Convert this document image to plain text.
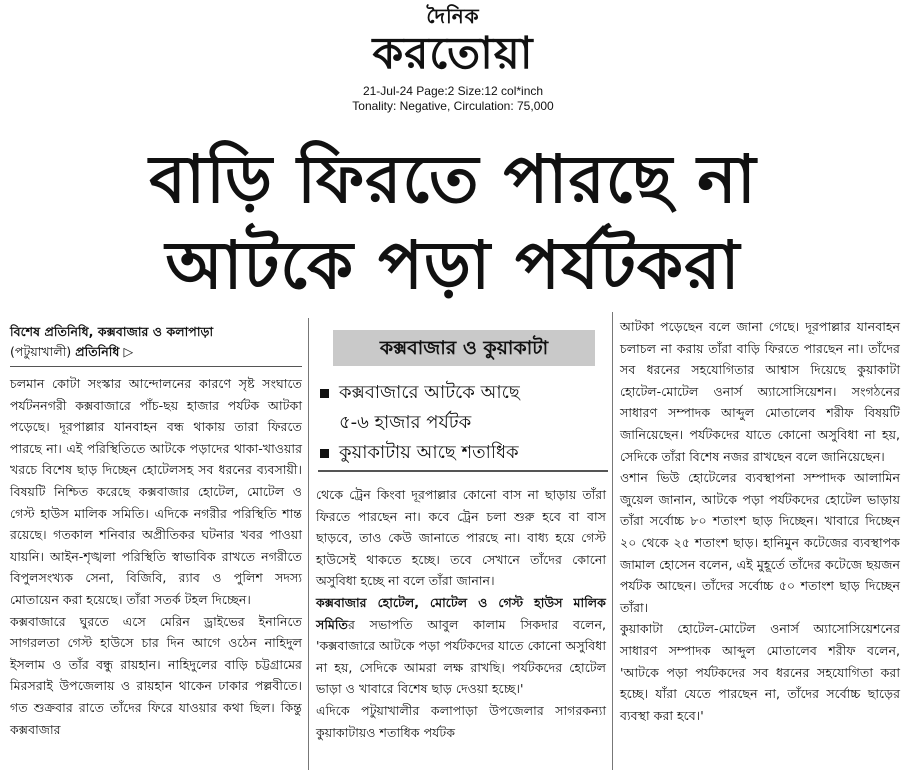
দৈনিক
করতোয়া
21-Jul-24 Page:2 Size:12 col*inch
Tonality: Negative, Circulation: 75,000
বাড়ি ফিরতে পারছে না
আটকে পড়া পর্যটকরা
বিশেষ প্রতিনিধি, কক্সবাজার ও কলাপাড়া
(পটুয়াখালী) প্রতিনিধি ▷

চলমান কোটা সংস্কার আন্দোলনের কারণে সৃষ্ট সংঘাতে পর্যটননগরী কক্সবাজারে পাঁচ-ছয় হাজার পর্যটক আটকা পড়েছে। দূরপাল্লার যানবাহন বন্ধ থাকায় তারা ফিরতে পারছে না। এই পরিস্থিতিতে আটকে পড়াদের থাকা-খাওয়ার খরচে বিশেষ ছাড় দিচ্ছেন হোটেলসহ সব ধরনের ব্যবসায়ী। বিষয়টি নিশ্চিত করেছে কক্সবাজার হোটেল, মোটেল ও গেস্ট হাউস মালিক সমিতি। এদিকে নগরীর পরিস্থিতি শান্ত রয়েছে। গতকাল শনিবার অপ্রীতিকর ঘটনার খবর পাওয়া যায়নি। আইন-শৃঙ্খলা পরিস্থিতি স্বাভাবিক রাখতে নগরীতে বিপুলসংখ্যক সেনা, বিজিবি, র‍্যাব ও পুলিশ সদস্য মোতায়েন করা হয়েছে। তাঁরা সতর্ক টহল দিচ্ছেন।

কক্সবাজারে ঘুরতে এসে মেরিন ড্রাইভের ইনানিতে সাগরলতা গেস্ট হাউসে চার দিন আগে ওঠেন নাহিদুল ইসলাম ও তাঁর বন্ধু রায়হান। নাহিদুলের বাড়ি চট্টগ্রামের মিরসরাই উপজেলায় ও রায়হান থাকেন ঢাকার পল্লবীতে। গত শুক্রবার রাতে তাঁদের ফিরে যাওয়ার কথা ছিল। কিন্তু কক্সবাজার

কক্সবাজার ও কুয়াকাটা
কক্সবাজারে আটকে আছে
৫-৬ হাজার পর্যটক
কুয়াকাটায় আছে শতাধিক

থেকে ট্রেন কিংবা দূরপাল্লার কোনো বাস না ছাড়ায় তাঁরা ফিরতে পারছেন না। কবে ট্রেন চলা শুরু হবে বা বাস ছাড়বে, তাও কেউ জানাতে পারছে না। বাধ্য হয়ে গেস্ট হাউসেই থাকতে হচ্ছে। তবে সেখানে তাঁদের কোনো অসুবিধা হচ্ছে না বলে তাঁরা জানান।

কক্সবাজার হোটেল, মোটেল ও গেস্ট হাউস মালিক সমিতির সভাপতি আবুল কালাম সিকদার বলেন, 'কক্সবাজারে আটকে পড়া পর্যটকদের যাতে কোনো অসুবিধা না হয়, সেদিকে আমরা লক্ষ রাখছি। পর্যটকদের হোটেল ভাড়া ও খাবারে বিশেষ ছাড় দেওয়া হচ্ছে।'

এদিকে পটুয়াখালীর কলাপাড়া উপজেলার সাগরকন্যা কুয়াকাটায়ও শতাধিক পর্যটক

আটকা পড়েছেন বলে জানা গেছে। দূরপাল্লার যানবাহন চলাচল না করায় তাঁরা বাড়ি ফিরতে পারছেন না। তাঁদের সব ধরনের সহযোগিতার আশ্বাস দিয়েছে কুয়াকাটা হোটেল-মোটেল ওনার্স অ্যাসোসিয়েশন। সংগঠনের সাধারণ সম্পাদক আব্দুল মোতালেব শরীফ বিষয়টি জানিয়েছেন। পর্যটকদের যাতে কোনো অসুবিধা না হয়, সেদিকে তাঁরা বিশেষ নজর রাখছেন বলে জানিয়েছেন।

ওশান ভিউ হোটেলের ব্যবস্থাপনা সম্পাদক আলামিন জুয়েল জানান, আটকে পড়া পর্যটকদের হোটেল ভাড়ায় তাঁরা সর্বোচ্চ ৮০ শতাংশ ছাড় দিচ্ছেন। খাবারে দিচ্ছেন ২০ থেকে ২৫ শতাংশ ছাড়। হানিমুন কটেজের ব্যবস্থাপক জামাল হোসেন বলেন, এই মুহূর্তে তাঁদের কটেজে ছয়জন পর্যটক আছেন। তাঁদের সর্বোচ্চ ৫০ শতাংশ ছাড় দিচ্ছেন তাঁরা।

কুয়াকাটা হোটেল-মোটেল ওনার্স অ্যাসোসিয়েশনের সাধারণ সম্পাদক আব্দুল মোতালেব শরীফ বলেন, 'আটকে পড়া পর্যটকদের সব ধরনের সহযোগিতা করা হচ্ছে। যাঁরা যেতে পারছেন না, তাঁদের সর্বোচ্চ ছাড়ের ব্যবস্থা করা হবে।'
